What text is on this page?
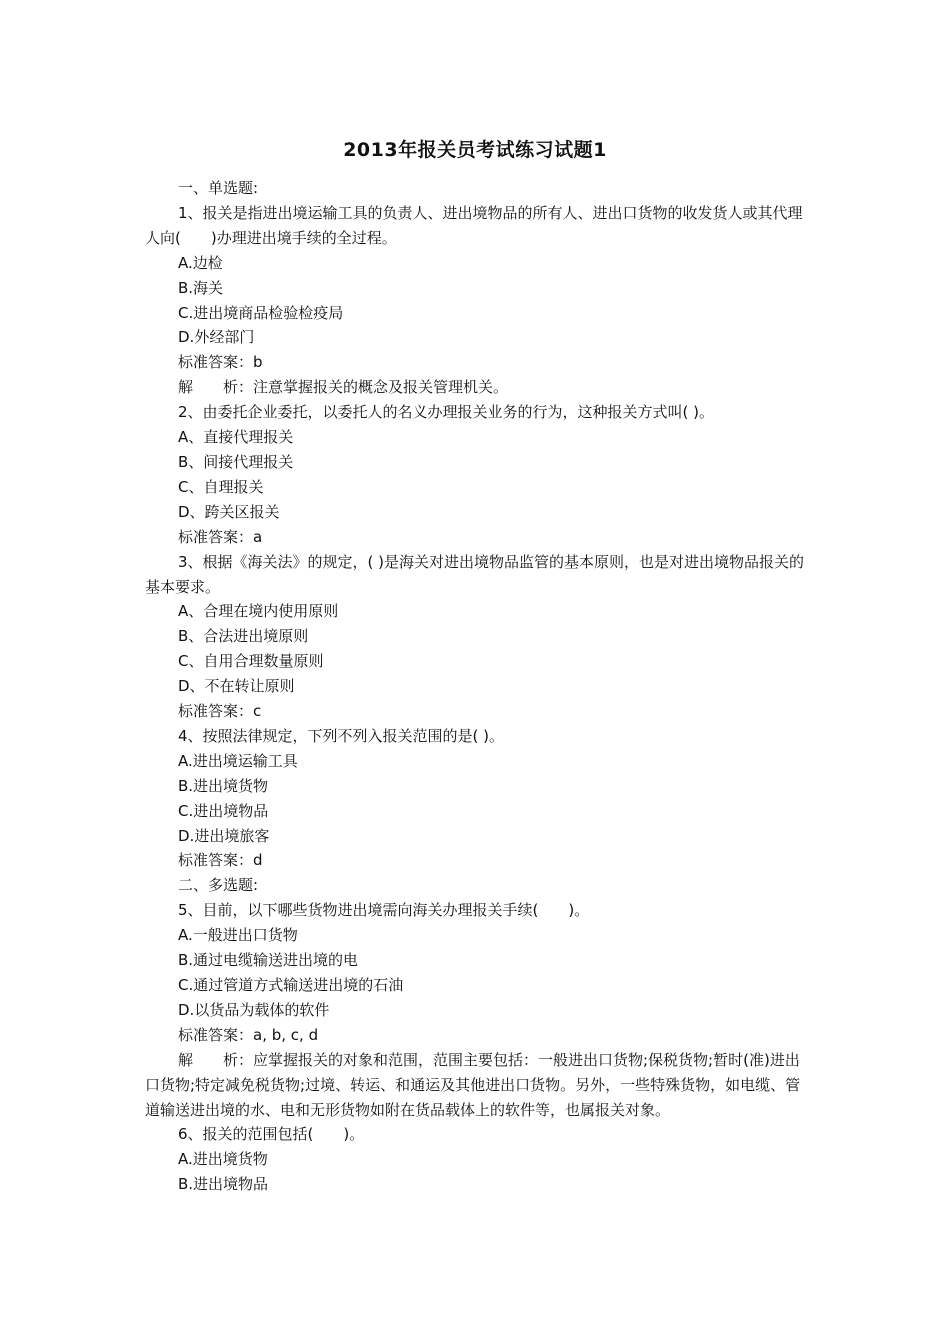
2013年报关员考试练习试题1

一、单选题:

1、报关是指进出境运输工具的负责人、进出境物品的所有人、进出口货物的收发货人或其代理人向(　　)办理进出境手续的全过程。

A.边检

B.海关

C.进出境商品检验检疫局

D.外经部门

标准答案：b

解　　析：注意掌握报关的概念及报关管理机关。

2、由委托企业委托，以委托人的名义办理报关业务的行为，这种报关方式叫( )。

A、直接代理报关

B、间接代理报关

C、自理报关

D、跨关区报关

标准答案：a

3、根据《海关法》的规定，( )是海关对进出境物品监管的基本原则，也是对进出境物品报关的基本要求。

A、合理在境内使用原则

B、合法进出境原则

C、自用合理数量原则

D、不在转让原则

标准答案：c

4、按照法律规定，下列不列入报关范围的是( )。

A.进出境运输工具

B.进出境货物

C.进出境物品

D.进出境旅客

标准答案：d

二、多选题:

5、目前，以下哪些货物进出境需向海关办理报关手续(　　)。

A.一般进出口货物

B.通过电缆输送进出境的电

C.通过管道方式输送进出境的石油

D.以货品为载体的软件

标准答案：a, b, c, d

解　　析：应掌握报关的对象和范围，范围主要包括：一般进出口货物;保税货物;暂时(准)进出口货物;特定减免税货物;过境、转运、和通运及其他进出口货物。另外，一些特殊货物，如电缆、管道输送进出境的水、电和无形货物如附在货品载体上的软件等，也属报关对象。

6、报关的范围包括(　　)。

A.进出境货物

B.进出境物品
